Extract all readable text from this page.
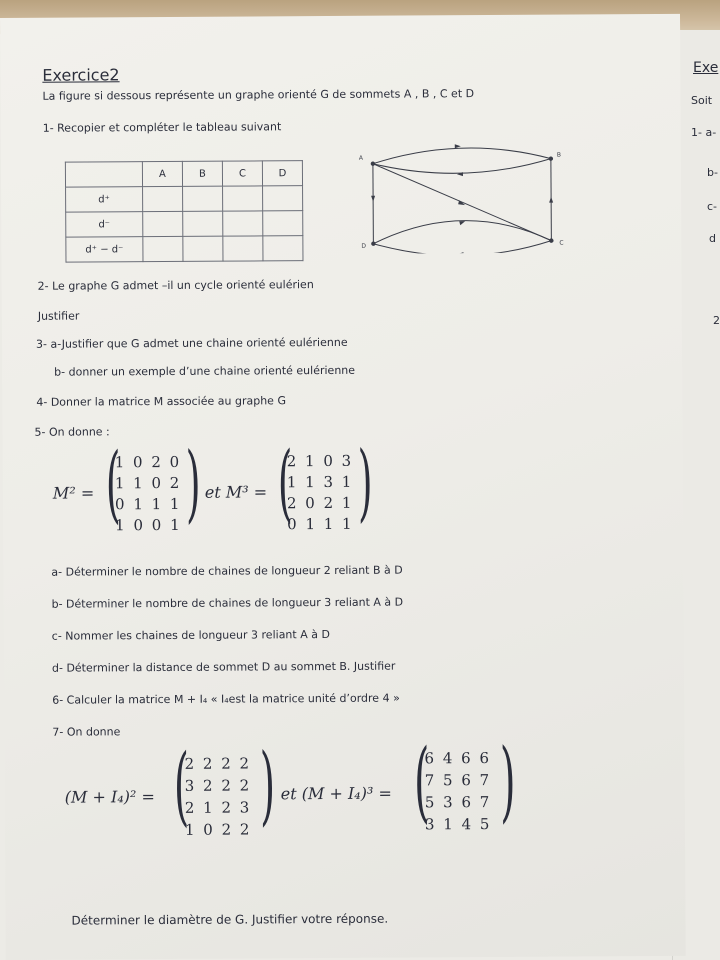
Exe
Soit
1- a-
b-
c-
d
2
Exercice2
La figure si dessous représente un graphe orienté G de sommets A , B , C et D
1- Recopier et compléter le tableau suivant
	A	B	C	D
d⁺				
d⁻				
d⁺ − d⁻				
A	B
C
D
2- Le graphe G admet –il un cycle orienté eulérien
Justifier
3- a-Justifier que G admet une chaine orienté eulérienne
b- donner un exemple d’une chaine orienté eulérienne
4- Donner la matrice M associée au graphe G
5- On donne :
M² = (
1 0 2 0
1 1 0 2
0 1 1 1
1 0 0 1 ) et M³ = (
2 1 0 3
1 1 3 1
2 0 2 1
0 1 1 1 )
a- Déterminer le nombre de chaines de longueur 2 reliant B à D
b- Déterminer le nombre de chaines de longueur 3 reliant A à D
c- Nommer les chaines de longueur 3 reliant A à D
d- Déterminer la distance de sommet D au sommet B. Justifier
6- Calculer la matrice M + I₄ « I₄est la matrice unité d’ordre 4 »
7- On donne
(M + I₄)² = (
2 2 2 2
3 2 2 2
2 1 2 3
1 0 2 2 ) et (M + I₄)³ = (
6 4 6 6
7 5 6 7
5 3 6 7
3 1 4 5 )
Déterminer le diamètre de G. Justifier votre réponse.
